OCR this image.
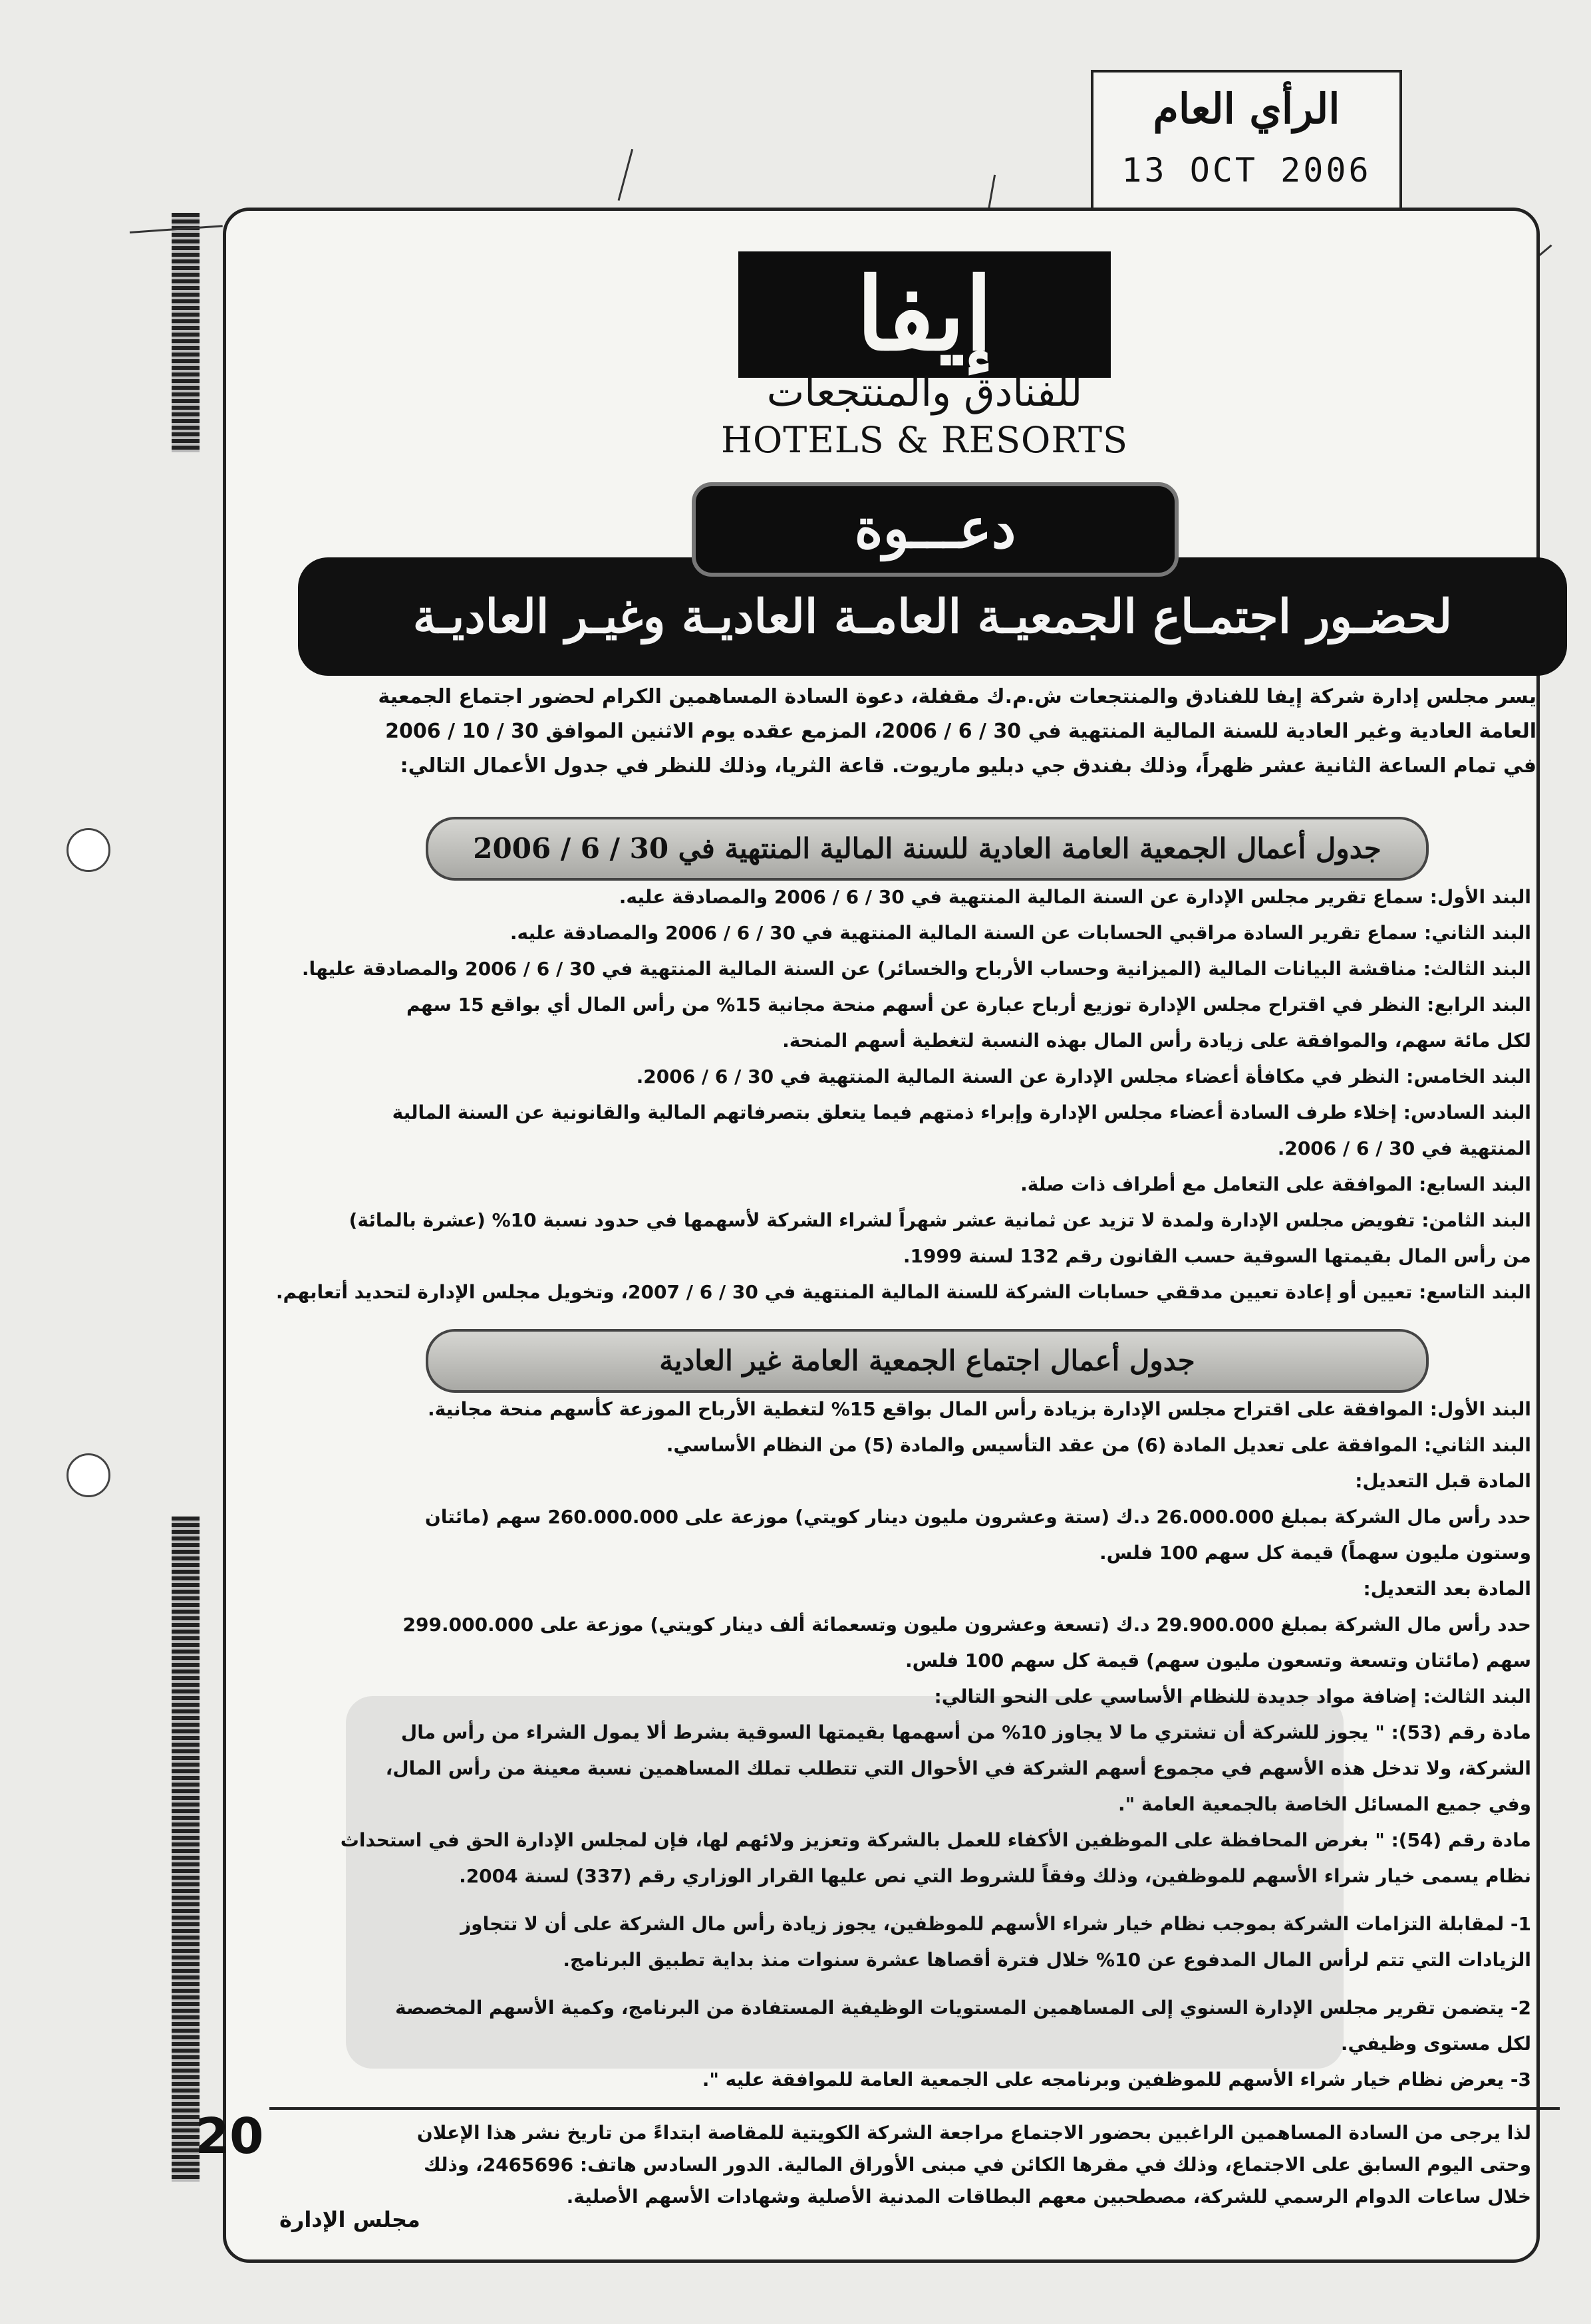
الرأي العام
13 OCT 2006
إيفا
للفنادق والمنتجعات
HOTELS & RESORTS
لحضـور اجتمـاع الجمعيـة العامـة العاديـة وغيـر العاديـة
دعـــوة
يسر مجلس إدارة شركة إيفا للفنادق والمنتجعات ش.م.ك مقفلة، دعوة السادة المساهمين الكرام لحضور اجتماع الجمعية
العامة العادية وغير العادية للسنة المالية المنتهية في 30 / 6 / 2006، المزمع عقده يوم الاثنين الموافق 30 / 10 / 2006
في تمام الساعة الثانية عشر ظهراً، وذلك بفندق جي دبليو ماريوت. قاعة الثريا، وذلك للنظر في جدول الأعمال التالي:
جدول أعمال الجمعية العامة العادية للسنة المالية المنتهية في 30 / 6 / 2006
البند الأول: سماع تقرير مجلس الإدارة عن السنة المالية المنتهية في 30 / 6 / 2006 والمصادقة عليه.
البند الثاني: سماع تقرير السادة مراقبي الحسابات عن السنة المالية المنتهية في 30 / 6 / 2006 والمصادقة عليه.
البند الثالث: مناقشة البيانات المالية (الميزانية وحساب الأرباح والخسائر) عن السنة المالية المنتهية في 30 / 6 / 2006 والمصادقة عليها.
البند الرابع: النظر في اقتراح مجلس الإدارة توزيع أرباح عبارة عن أسهم منحة مجانية 15% من رأس المال أي بواقع 15 سهم
لكل مائة سهم، والموافقة على زيادة رأس المال بهذه النسبة لتغطية أسهم المنحة.
البند الخامس: النظر في مكافأة أعضاء مجلس الإدارة عن السنة المالية المنتهية في 30 / 6 / 2006.
البند السادس: إخلاء طرف السادة أعضاء مجلس الإدارة وإبراء ذمتهم فيما يتعلق بتصرفاتهم المالية والقانونية عن السنة المالية
المنتهية في 30 / 6 / 2006.
البند السابع: الموافقة على التعامل مع أطراف ذات صلة.
البند الثامن: تفويض مجلس الإدارة ولمدة لا تزيد عن ثمانية عشر شهراً لشراء الشركة لأسهمها في حدود نسبة 10% (عشرة بالمائة)
من رأس المال بقيمتها السوقية حسب القانون رقم 132 لسنة 1999.
البند التاسع: تعيين أو إعادة تعيين مدققي حسابات الشركة للسنة المالية المنتهية في 30 / 6 / 2007، وتخويل مجلس الإدارة لتحديد أتعابهم.
جدول أعمال اجتماع الجمعية العامة غير العادية
البند الأول: الموافقة على اقتراح مجلس الإدارة بزيادة رأس المال بواقع 15% لتغطية الأرباح الموزعة كأسهم منحة مجانية.
البند الثاني: الموافقة على تعديل المادة (6) من عقد التأسيس والمادة (5) من النظام الأساسي.
المادة قبل التعديل:
حدد رأس مال الشركة بمبلغ 26.000.000 د.ك (ستة وعشرون مليون دينار كويتي) موزعة على 260.000.000 سهم (مائتان
وستون مليون سهماً) قيمة كل سهم 100 فلس.
المادة بعد التعديل:
حدد رأس مال الشركة بمبلغ 29.900.000 د.ك (تسعة وعشرون مليون وتسعمائة ألف دينار كويتي) موزعة على 299.000.000
سهم (مائتان وتسعة وتسعون مليون سهم) قيمة كل سهم 100 فلس.
البند الثالث: إضافة مواد جديدة للنظام الأساسي على النحو التالي:
مادة رقم (53): " يجوز للشركة أن تشتري ما لا يجاوز 10% من أسهمها بقيمتها السوقية بشرط ألا يمول الشراء من رأس مال
الشركة، ولا تدخل هذه الأسهم في مجموع أسهم الشركة في الأحوال التي تتطلب تملك المساهمين نسبة معينة من رأس المال،
وفي جميع المسائل الخاصة بالجمعية العامة ".
مادة رقم (54): " بغرض المحافظة على الموظفين الأكفاء للعمل بالشركة وتعزيز ولائهم لها، فإن لمجلس الإدارة الحق في استحداث
نظام يسمى خيار شراء الأسهم للموظفين، وذلك وفقاً للشروط التي نص عليها القرار الوزاري رقم (337) لسنة 2004.
1- لمقابلة التزامات الشركة بموجب نظام خيار شراء الأسهم للموظفين، يجوز زيادة رأس مال الشركة على أن لا تتجاوز
الزيادات التي تتم لرأس المال المدفوع عن 10% خلال فترة أقصاها عشرة سنوات منذ بداية تطبيق البرنامج.
2- يتضمن تقرير مجلس الإدارة السنوي إلى المساهمين المستويات الوظيفية المستفادة من البرنامج، وكمية الأسهم المخصصة
لكل مستوى وظيفي.
3- يعرض نظام خيار شراء الأسهم للموظفين وبرنامجه على الجمعية العامة للموافقة عليه ".
لذا يرجى من السادة المساهمين الراغبين بحضور الاجتماع مراجعة الشركة الكويتية للمقاصة ابتداءً من تاريخ نشر هذا الإعلان
وحتى اليوم السابق على الاجتماع، وذلك في مقرها الكائن في مبنى الأوراق المالية. الدور السادس هاتف: 2465696، وذلك
خلال ساعات الدوام الرسمي للشركة، مصطحبين معهم البطاقات المدنية الأصلية وشهادات الأسهم الأصلية.
20
مجلس الإدارة
